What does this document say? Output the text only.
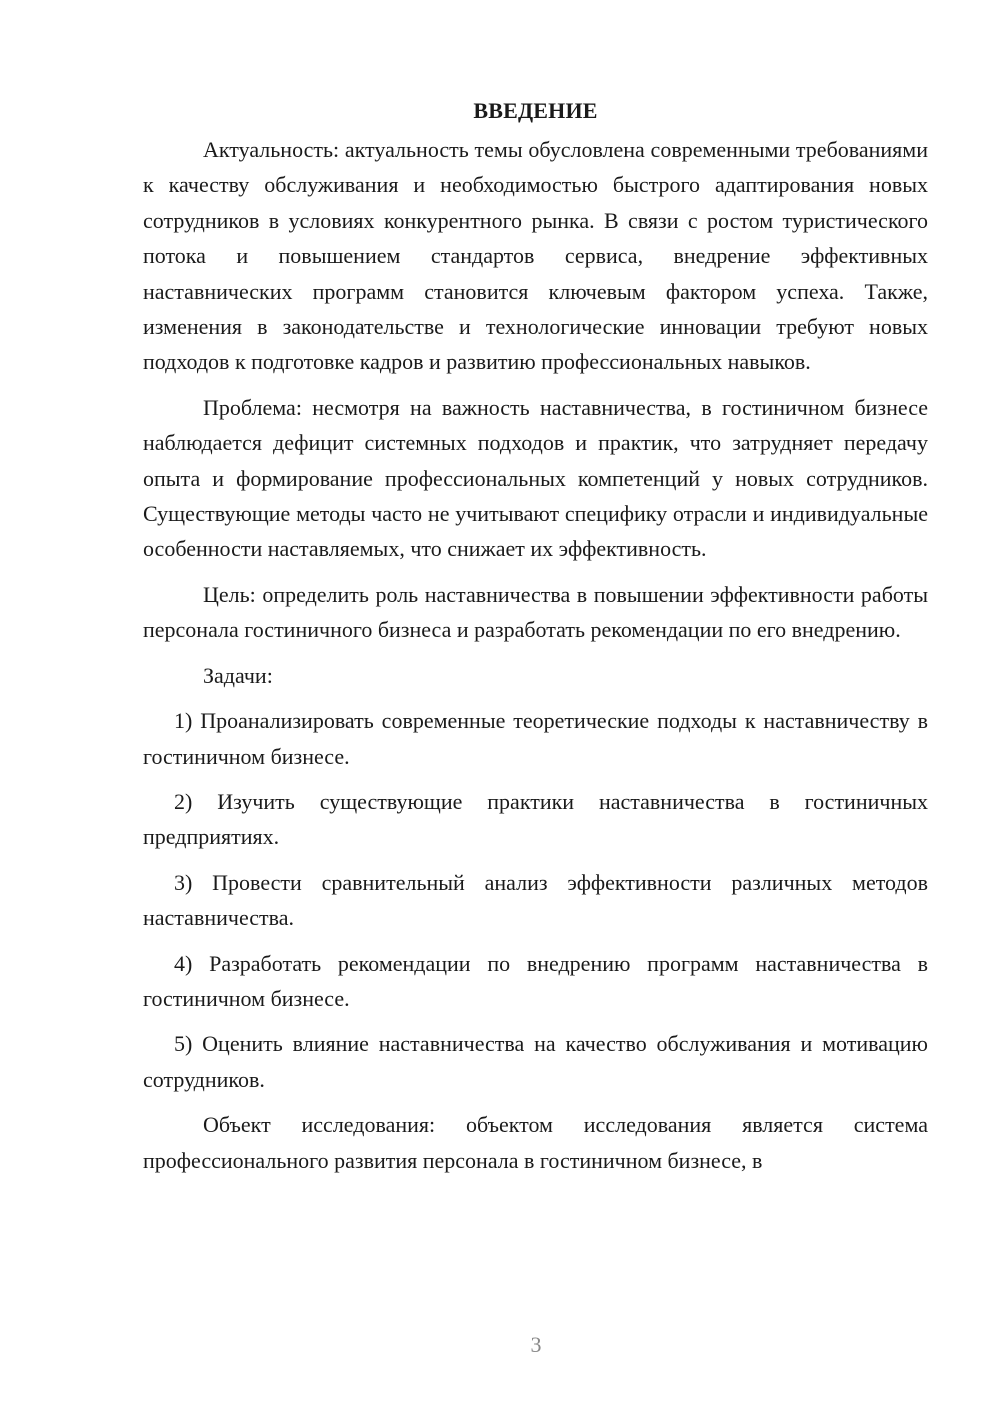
ВВЕДЕНИЕ

Актуальность: актуальность темы обусловлена современными требованиями к качеству обслуживания и необходимостью быстрого адаптирования новых сотрудников в условиях конкурентного рынка. В связи с ростом туристического потока и повышением стандартов сервиса, внедрение эффективных наставнических программ становится ключевым фактором успеха. Также, изменения в законодательстве и технологические инновации требуют новых подходов к подготовке кадров и развитию профессиональных навыков.

Проблема: несмотря на важность наставничества, в гостиничном бизнесе наблюдается дефицит системных подходов и практик, что затрудняет передачу опыта и формирование профессиональных компетенций у новых сотрудников. Существующие методы часто не учитывают специфику отрасли и индивидуальные особенности наставляемых, что снижает их эффективность.

Цель: определить роль наставничества в повышении эффективности работы персонала гостиничного бизнеса и разработать рекомендации по его внедрению.

Задачи:

1) Проанализировать современные теоретические подходы к наставничеству в гостиничном бизнесе.

2) Изучить существующие практики наставничества в гостиничных предприятиях.

3) Провести сравнительный анализ эффективности различных методов наставничества.

4) Разработать рекомендации по внедрению программ наставничества в гостиничном бизнесе.

5) Оценить влияние наставничества на качество обслуживания и мотивацию сотрудников.

Объект исследования: объектом исследования является система профессионального развития персонала в гостиничном бизнесе, в

3
